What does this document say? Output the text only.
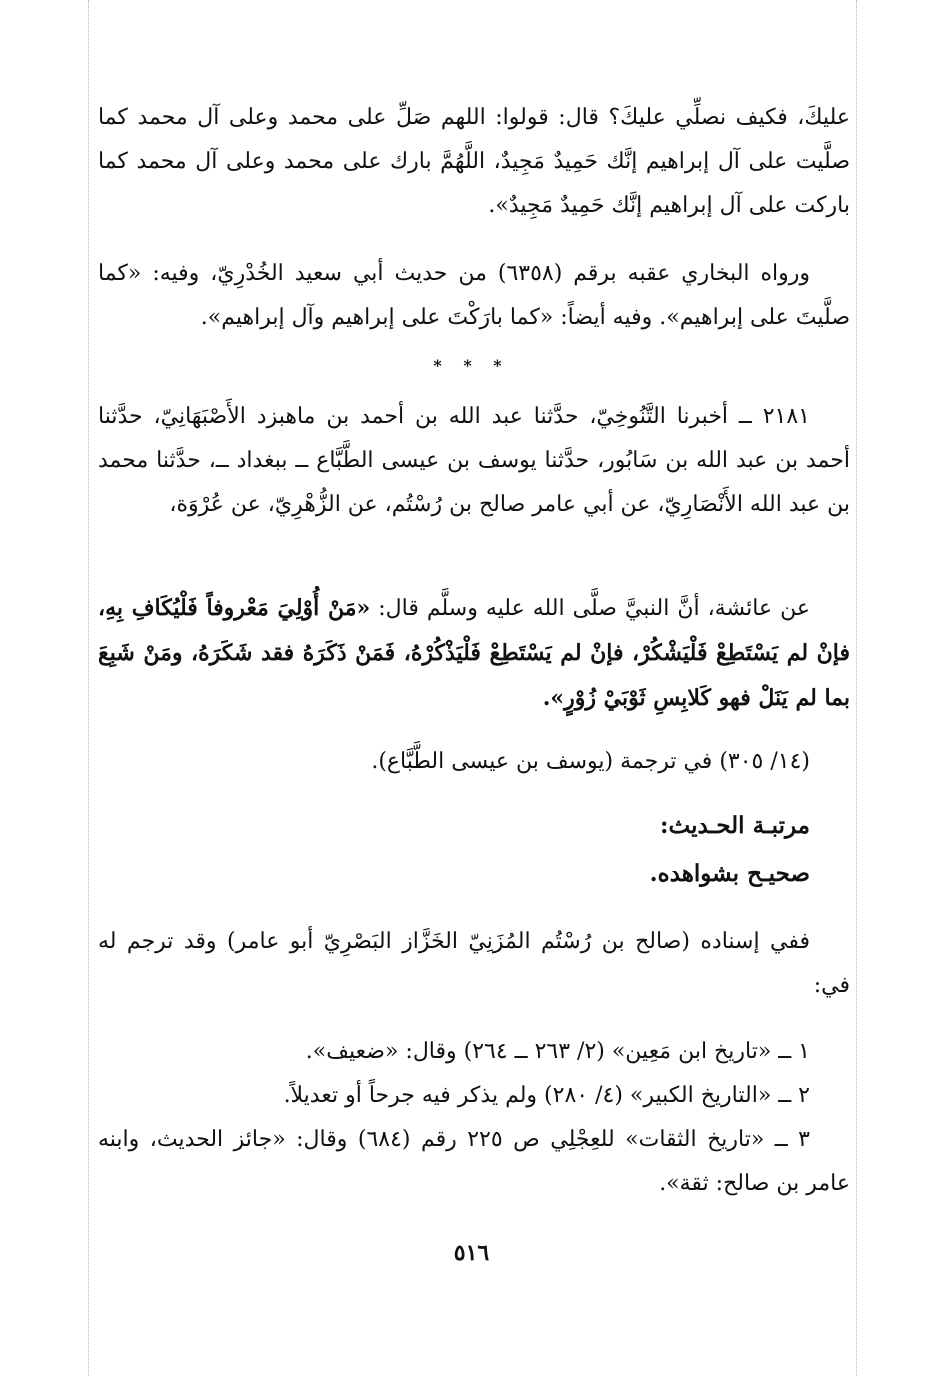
عليكَ، فكيف نصلِّي عليكَ؟ قال: قولوا: اللهم صَلِّ على محمد وعلى آل محمد كما صلَّيت على آل إبراهيم إنَّك حَمِيدٌ مَجِيدٌ، اللَّهُمَّ بارك على محمد وعلى آل محمد كما باركت على آل إبراهيم إنَّك حَمِيدٌ مَجِيدٌ».

ورواه البخاري عقبه برقم (٦٣٥٨) من حديث أبي سعيد الخُدْرِيّ، وفيه: «كما صلَّيتَ على إبراهيم». وفيه أيضاً: «كما بارَكْتَ على إبراهيم وآل إبراهيم».

* * *

٢١٨١ ــ أخبرنا التَّنُوخِيّ، حدَّثنا عبد الله بن أحمد بن ماهبزد الأَصْبَهَانِيّ، حدَّثنا أحمد بن عبد الله بن سَابُور، حدَّثنا يوسف بن عيسى الطَّبَّاع ــ ببغداد ــ، حدَّثنا محمد بن عبد الله الأَنْصَارِيّ، عن أبي عامر صالح بن رُسْتُم، عن الزُّهْرِيّ، عن عُرْوَة،

عن عائشة، أنَّ النبيَّ صلَّى الله عليه وسلَّم قال: «مَنْ أُوْلِيَ مَعْروفاً فَلْيُكَافِ بِهِ، فإنْ لم يَسْتَطِعْ فَلْيَشْكُرْ، فإنْ لم يَسْتَطِعْ فَلْيَذْكُرْهُ، فَمَنْ ذَكَرَهُ فقد شَكَرَهُ، ومَنْ شَبِعَ بما لم يَنَلْ فهو كَلابِسِ ثَوْبَيْ زُوْرٍ».

(١٤/ ٣٠٥) في ترجمة (يوسف بن عيسى الطَّبَّاع).

مرتبـة الحـديث:
صحيـح بشواهده.

ففي إسناده (صالح بن رُسْتُم المُزَنِيّ الخَزَّاز البَصْرِيّ أبو عامر) وقد ترجم له في:

١ ــ «تاريخ ابن مَعِين» (٢/ ٢٦٣ ــ ٢٦٤) وقال: «ضعيف».

٢ ــ «التاريخ الكبير» (٤/ ٢٨٠) ولم يذكر فيه جرحاً أو تعديلاً.

٣ ــ «تاريخ الثقات» للعِجْلِي ص ٢٢٥ رقم (٦٨٤) وقال: «جائز الحديث، وابنه عامر بن صالح: ثقة».

٥١٦
